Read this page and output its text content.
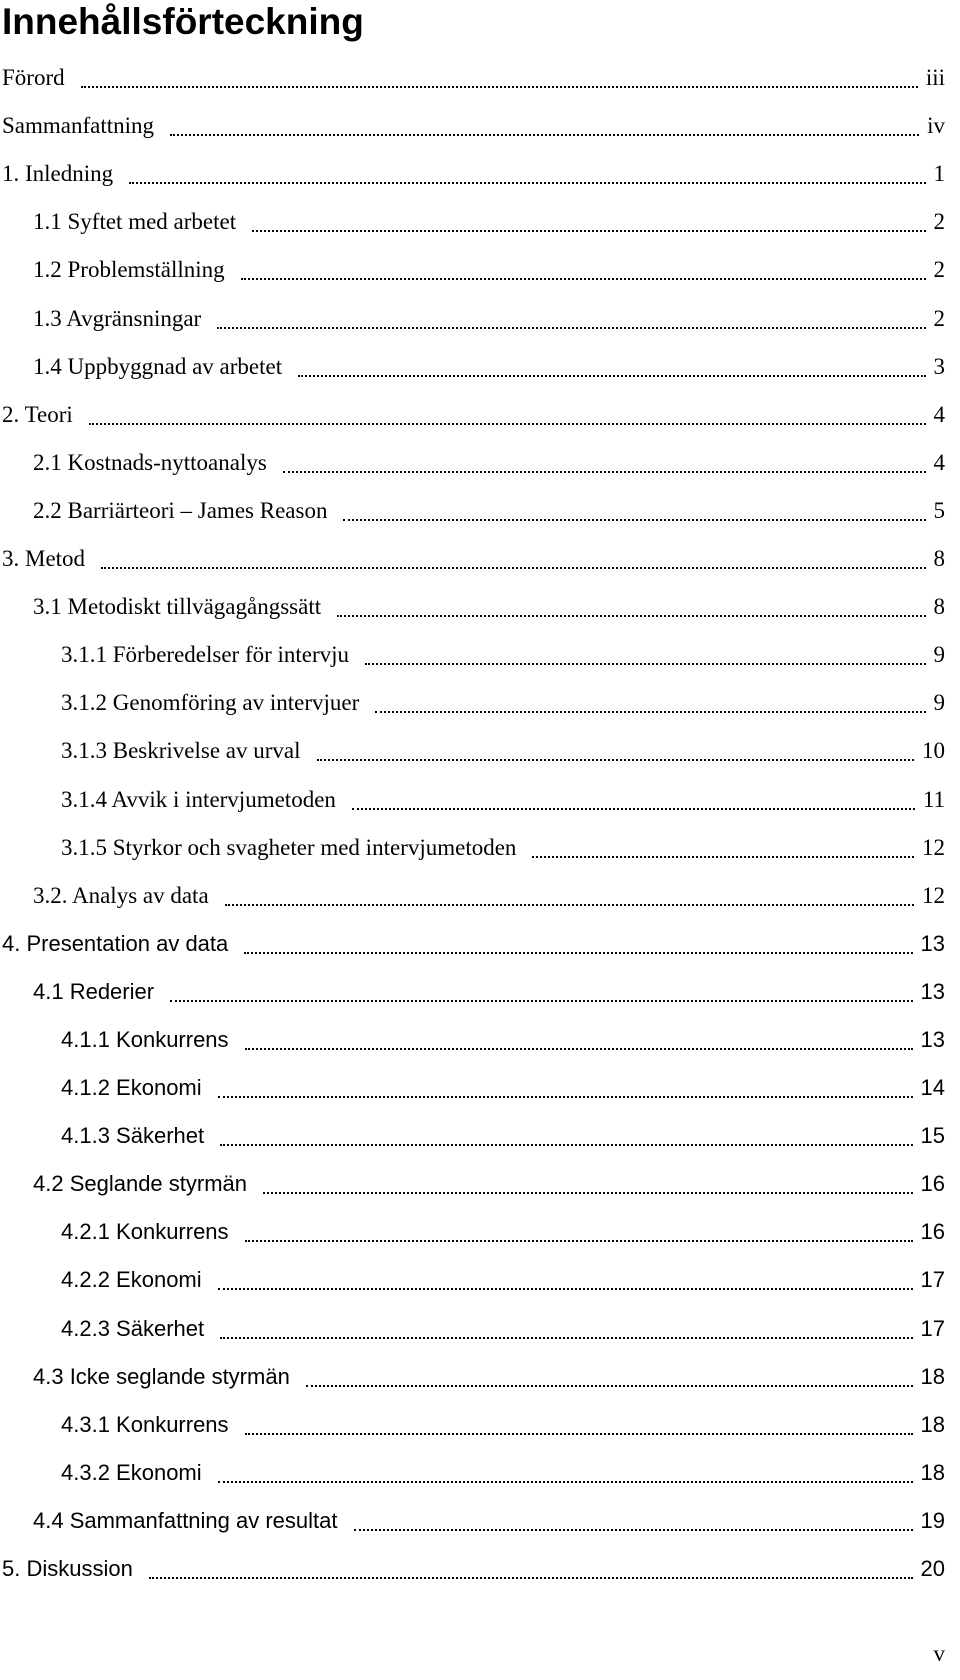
Innehållsförteckning
Förord	iii
Sammanfattning	iv
1. Inledning	1
1.1 Syftet med arbetet	2
1.2 Problemställning	2
1.3 Avgränsningar	2
1.4 Uppbyggnad av arbetet	3
2. Teori	4
2.1 Kostnads-nyttoanalys	4
2.2 Barriärteori – James Reason	5
3. Metod	8
3.1 Metodiskt tillvägagångssätt	8
3.1.1 Förberedelser för intervju	9
3.1.2 Genomföring av intervjuer	9
3.1.3 Beskrivelse av urval	10
3.1.4 Avvik i intervjumetoden	11
3.1.5 Styrkor och svagheter med intervjumetoden	12
3.2. Analys av data	12
4. Presentation av data	13
4.1 Rederier	13
4.1.1 Konkurrens	13
4.1.2 Ekonomi	14
4.1.3 Säkerhet	15
4.2 Seglande styrmän	16
4.2.1 Konkurrens	16
4.2.2 Ekonomi	17
4.2.3 Säkerhet	17
4.3 Icke seglande styrmän	18
4.3.1 Konkurrens	18
4.3.2 Ekonomi	18
4.4 Sammanfattning av resultat	19
5. Diskussion	20
v
